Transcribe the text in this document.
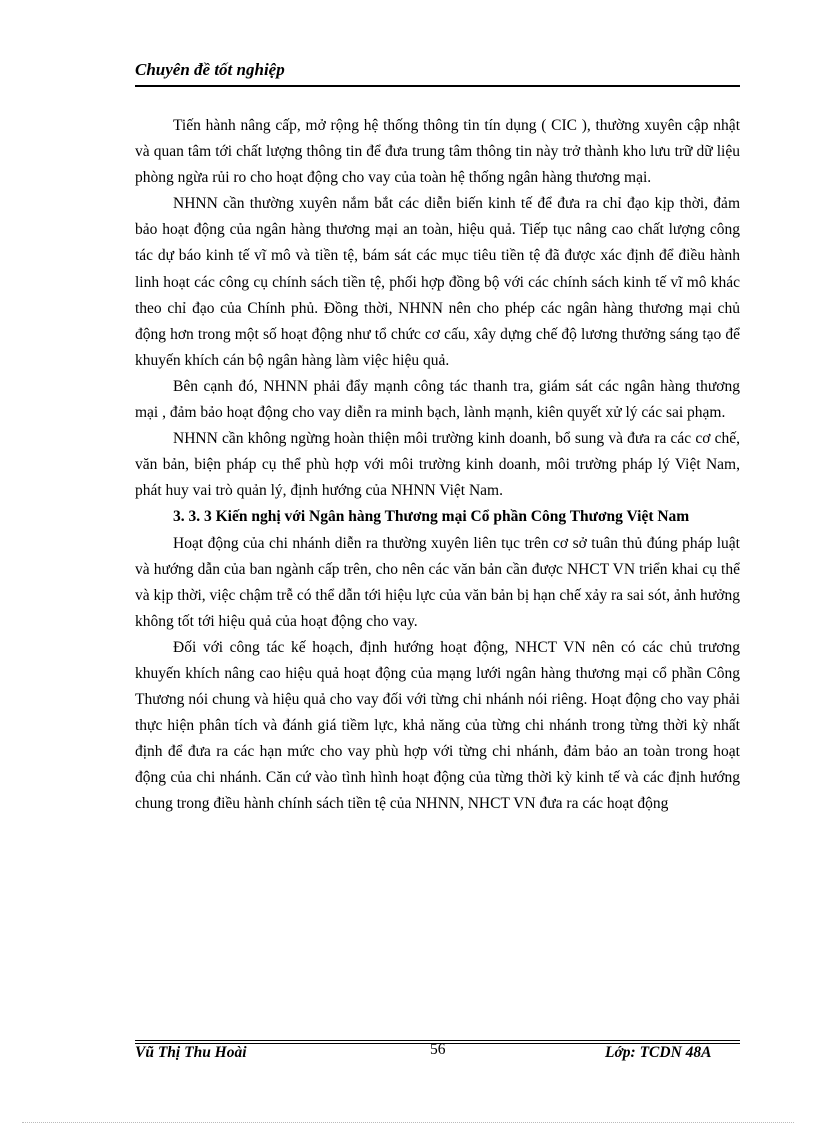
Chuyên đề tốt nghiệp

Tiến hành nâng cấp, mở rộng hệ thống thông tin tín dụng ( CIC ), thường xuyên cập nhật và quan tâm tới chất lượng thông tin để đưa trung tâm thông tin này trở thành kho lưu trữ dữ liệu phòng ngừa rủi ro cho hoạt động cho vay của toàn hệ thống ngân hàng thương mại.

NHNN cần thường xuyên nắm bắt các diễn biến kinh tế để đưa ra chỉ đạo kịp thời, đảm bảo hoạt động của ngân hàng thương mại an toàn, hiệu quả. Tiếp tục nâng cao chất lượng công tác dự báo kinh tế vĩ mô và tiền tệ, bám sát các mục tiêu tiền tệ đã được xác định để điều hành linh hoạt các công cụ chính sách tiền tệ, phối hợp đồng bộ với các chính sách kinh tế vĩ mô khác theo chỉ đạo của Chính phủ. Đồng thời, NHNN nên cho phép các ngân hàng thương mại chủ động hơn trong một số hoạt động như tổ chức cơ cấu, xây dựng chế độ lương thưởng sáng tạo để khuyến khích cán bộ ngân hàng làm việc hiệu quả.

Bên cạnh đó, NHNN phải đẩy mạnh công tác thanh tra, giám sát các ngân hàng thương mại , đảm bảo hoạt động cho vay diễn ra minh bạch, lành mạnh, kiên quyết xử lý các sai phạm.

NHNN cần không ngừng hoàn thiện môi trường kinh doanh, bổ sung và đưa ra các cơ chế, văn bản, biện pháp cụ thể phù hợp với môi trường kinh doanh, môi trường pháp lý Việt Nam, phát huy vai trò quản lý, định hướng của NHNN Việt Nam.

3. 3. 3 Kiến nghị với Ngân hàng Thương mại Cổ phần Công Thương Việt Nam

Hoạt động của chi nhánh diễn ra thường xuyên liên tục trên cơ sở tuân thủ đúng pháp luật và hướng dẫn của ban ngành cấp trên, cho nên các văn bản cần được NHCT VN triển khai cụ thể và kịp thời, việc chậm trễ có thể dẫn tới hiệu lực của văn bản bị hạn chế xảy ra sai sót, ảnh hưởng không tốt tới hiệu quả của hoạt động cho vay.

Đối với công tác kế hoạch, định hướng hoạt động, NHCT VN nên có các chủ trương khuyến khích nâng cao hiệu quả hoạt động của mạng lưới ngân hàng thương mại cổ phần Công Thương nói chung và hiệu quả cho vay đối với từng chi nhánh nói riêng. Hoạt động cho vay phải thực hiện phân tích và đánh giá tiềm lực, khả năng của từng chi nhánh trong từng thời kỳ nhất định để đưa ra các hạn mức cho vay phù hợp với từng chi nhánh, đảm bảo an toàn trong hoạt động của chi nhánh. Căn cứ vào tình hình hoạt động của từng thời kỳ kinh tế và các định hướng chung trong điều hành chính sách tiền tệ của NHNN, NHCT VN đưa ra các hoạt động

Vũ Thị Thu Hoài	56	Lớp: TCDN 48A
